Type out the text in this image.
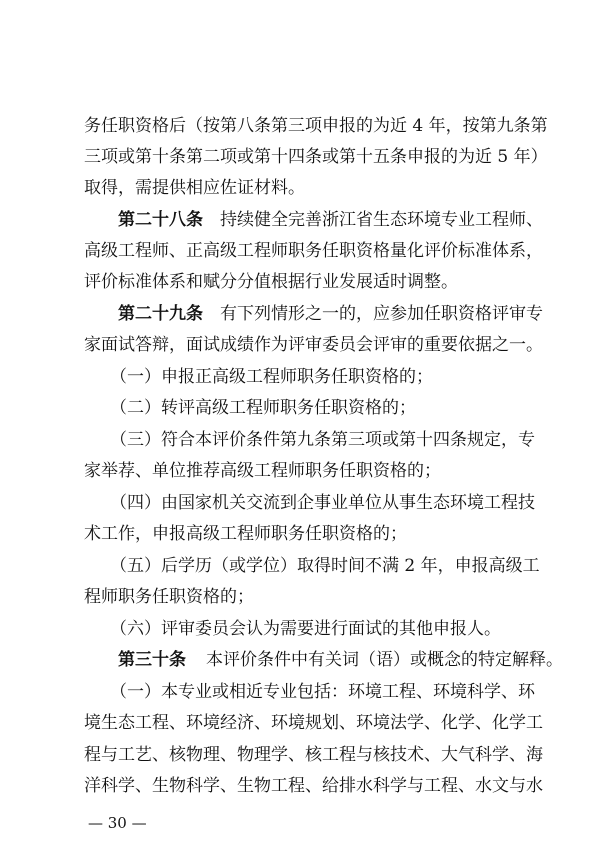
务任职资格后（按第八条第三项申报的为近 4 年，按第九条第
三项或第十条第二项或第十四条或第十五条申报的为近 5 年）
取得，需提供相应佐证材料。
第二十八条 持续健全完善浙江省生态环境专业工程师、
高级工程师、正高级工程师职务任职资格量化评价标准体系，
评价标准体系和赋分分值根据行业发展适时调整。
第二十九条 有下列情形之一的，应参加任职资格评审专
家面试答辩，面试成绩作为评审委员会评审的重要依据之一。
（一）申报正高级工程师职务任职资格的；
（二）转评高级工程师职务任职资格的；
（三）符合本评价条件第九条第三项或第十四条规定，专
家举荐、单位推荐高级工程师职务任职资格的；
（四）由国家机关交流到企事业单位从事生态环境工程技
术工作，申报高级工程师职务任职资格的；
（五）后学历（或学位）取得时间不满 2 年，申报高级工
程师职务任职资格的；
（六）评审委员会认为需要进行面试的其他申报人。
第三十条 本评价条件中有关词（语）或概念的特定解释。
（一）本专业或相近专业包括：环境工程、环境科学、环
境生态工程、环境经济、环境规划、环境法学、化学、化学工
程与工艺、核物理、物理学、核工程与核技术、大气科学、海
洋科学、生物科学、生物工程、给排水科学与工程、水文与水
— 30 —
